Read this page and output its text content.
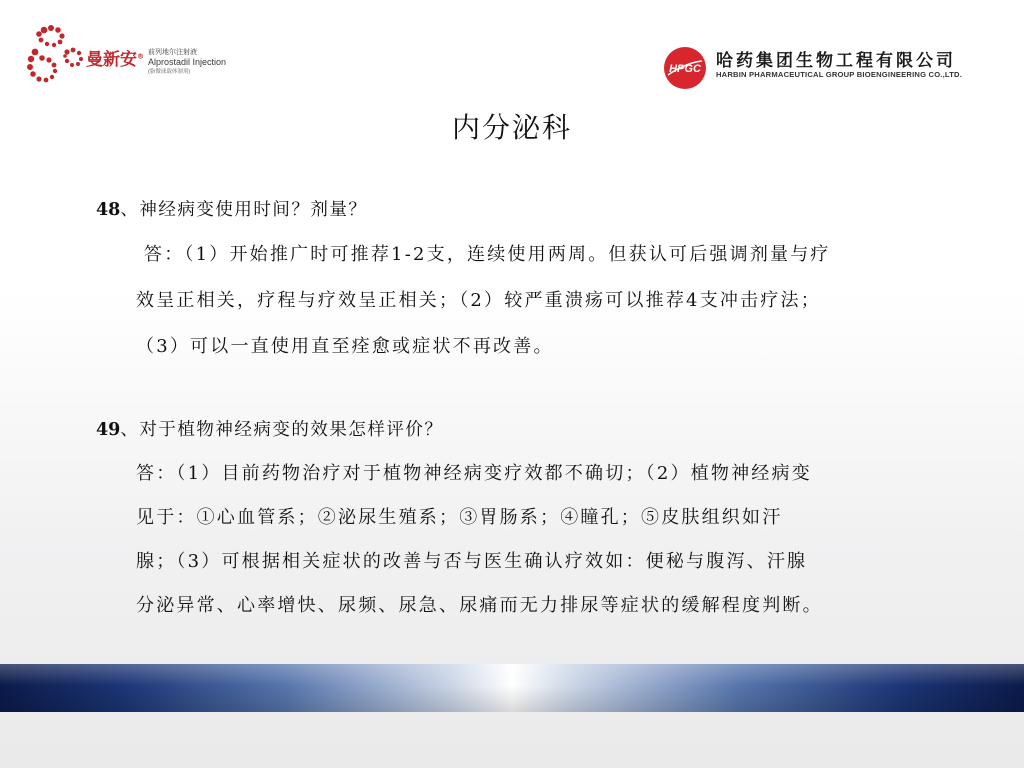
曼新安® 前列地尔注射液
Alprostadil Injection
(脂微球载体制剂)	HPGC 哈药集团生物工程有限公司
HARBIN PHARMACEUTICAL GROUP BIOENGINEERING CO.,LTD.
内分泌科
48、神经病变使用时间？剂量？
答：（1）开始推广时可推荐1-2支，连续使用两周。但获认可后强调剂量与疗
效呈正相关，疗程与疗效呈正相关；（2）较严重溃疡可以推荐4支冲击疗法；
（3）可以一直使用直至痊愈或症状不再改善。
49、对于植物神经病变的效果怎样评价？
答：（1）目前药物治疗对于植物神经病变疗效都不确切；（2）植物神经病变
见于：①心血管系；②泌尿生殖系；③胃肠系；④瞳孔；⑤皮肤组织如汗
腺；（3）可根据相关症状的改善与否与医生确认疗效如：便秘与腹泻、汗腺
分泌异常、心率增快、尿频、尿急、尿痛而无力排尿等症状的缓解程度判断。
